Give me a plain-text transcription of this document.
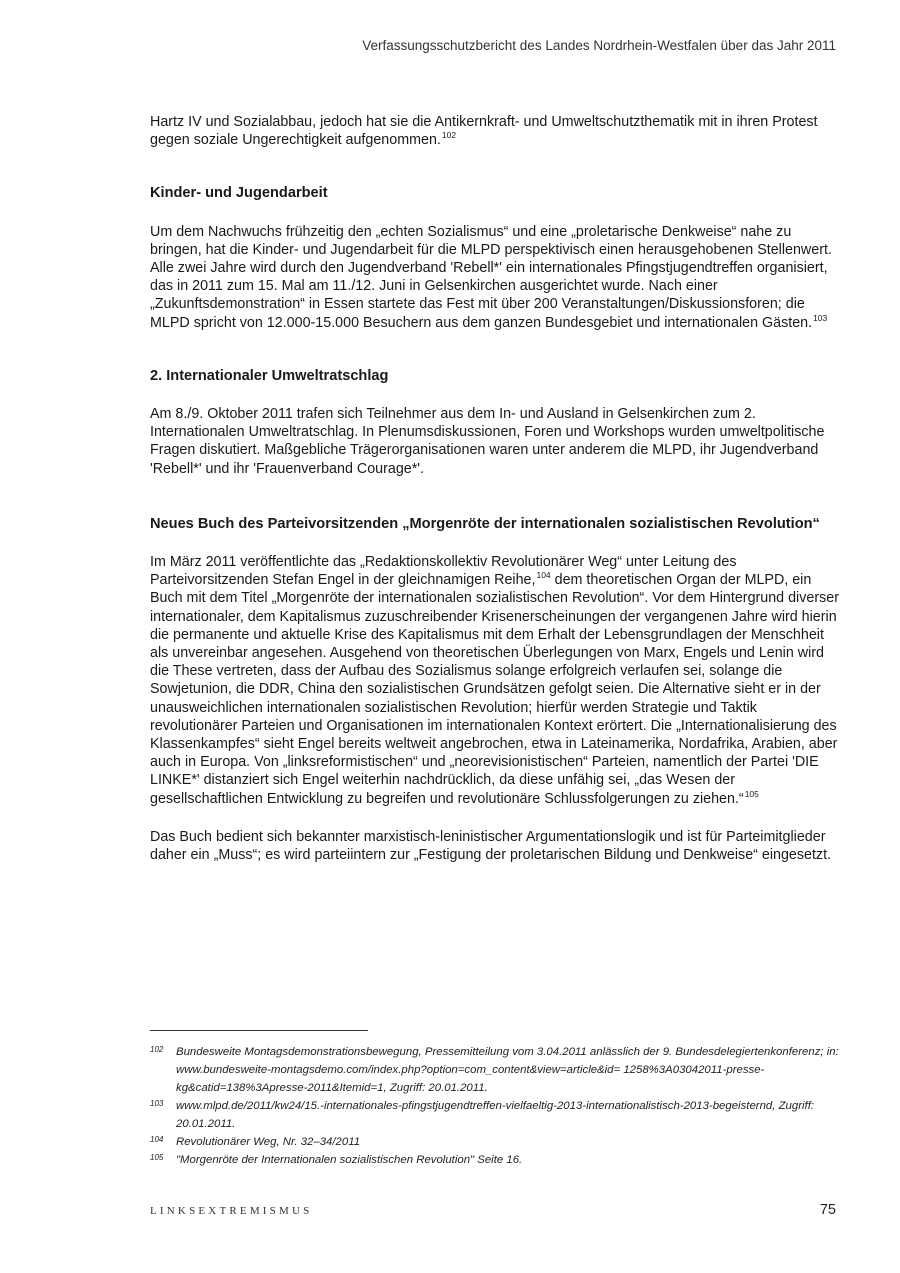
Verfassungsschutzbericht des Landes Nordrhein-Westfalen über das Jahr 2011

Hartz IV und Sozialabbau, jedoch hat sie die Antikernkraft- und Umweltschutzthematik mit in ihren Protest gegen soziale Ungerechtigkeit aufgenommen.$^{102}$

Kinder- und Jugendarbeit

Um dem Nachwuchs frühzeitig den „echten Sozialismus“ und eine „proletarische Denkweise“ nahe zu bringen, hat die Kinder- und Jugendarbeit für die MLPD perspektivisch einen herausgehobenen Stellenwert. Alle zwei Jahre wird durch den Jugendverband 'Rebell*' ein internationales Pfingstjugendtreffen organisiert, das in 2011 zum 15. Mal am 11./12. Juni in Gelsenkirchen ausgerichtet wurde. Nach einer „Zukunftsdemonstration“ in Essen startete das Fest mit über 200 Veranstaltungen/Diskussionsforen; die MLPD spricht von 12.000-15.000 Besuchern aus dem ganzen Bundesgebiet und internationalen Gästen.$^{103}$

2. Internationaler Umweltratschlag

Am 8./9. Oktober 2011 trafen sich Teilnehmer aus dem In- und Ausland in Gelsenkirchen zum 2. Internationalen Umweltratschlag. In Plenumsdiskussionen, Foren und Workshops wurden umweltpolitische Fragen diskutiert. Maßgebliche Trägerorganisationen waren unter anderem die MLPD, ihr Jugendverband 'Rebell*' und ihr 'Frauenverband Courage*'.

Neues Buch des Parteivorsitzenden „Morgenröte der internationalen sozialistischen Revolution“

Im März 2011 veröffentlichte das „Redaktionskollektiv Revolutionärer Weg“ unter Leitung des Parteivorsitzenden Stefan Engel in der gleichnamigen Reihe,$^{104}$ dem theoretischen Organ der MLPD, ein Buch mit dem Titel „Morgenröte der internationalen sozialistischen Revolution“. Vor dem Hintergrund diverser internationaler, dem Kapitalismus zuzuschreibender Krisenerscheinungen der vergangenen Jahre wird hierin die permanente und aktuelle Krise des Kapitalismus mit dem Erhalt der Lebensgrundlagen der Menschheit als unvereinbar angesehen. Ausgehend von theoretischen Überlegungen von Marx, Engels und Lenin wird die These vertreten, dass der Aufbau des Sozialismus solange erfolgreich verlaufen sei, solange die Sowjetunion, die DDR, China den sozialistischen Grundsätzen gefolgt seien. Die Alternative sieht er in der unausweichlichen internationalen sozialistischen Revolution; hierfür werden Strategie und Taktik revolutionärer Parteien und Organisationen im internationalen Kontext erörtert. Die „Internationalisierung des Klassenkampfes“ sieht Engel bereits weltweit angebrochen, etwa in Lateinamerika, Nordafrika, Arabien, aber auch in Europa. Von „linksreformistischen“ und „neorevisionistischen“ Parteien, namentlich der Partei 'DIE LINKE*' distanziert sich Engel weiterhin nachdrücklich, da diese unfähig sei, „das Wesen der gesellschaftlichen Entwicklung zu begreifen und revolutionäre Schlussfolgerungen zu ziehen.“$^{105}$

Das Buch bedient sich bekannter marxistisch-leninistischer Argumentationslogik und ist für Parteimitglieder daher ein „Muss“; es wird parteiintern zur „Festigung der proletarischen Bildung und Denkweise“ eingesetzt.

102	Bundesweite Montagsdemonstrationsbewegung, Pressemitteilung vom 3.04.2011 anlässlich der 9. Bundesdelegiertenkonferenz; in: www.bundesweite-montagsdemo.com/index.php?option=com_content&view=article&id= 1258%3A03042011-presse-kg&catid=138%3Apresse-2011&Itemid=1, Zugriff: 20.01.2011.
103	www.mlpd.de/2011/kw24/15.-internationales-pfingstjugendtreffen-vielfaeltig-2013-internationalistisch-2013-begeisternd, Zugriff: 20.01.2011.
104	Revolutionärer Weg, Nr. 32–34/2011
105	"Morgenröte der Internationalen sozialistischen Revolution" Seite 16.
LINKSEXTREMISMUS	75
